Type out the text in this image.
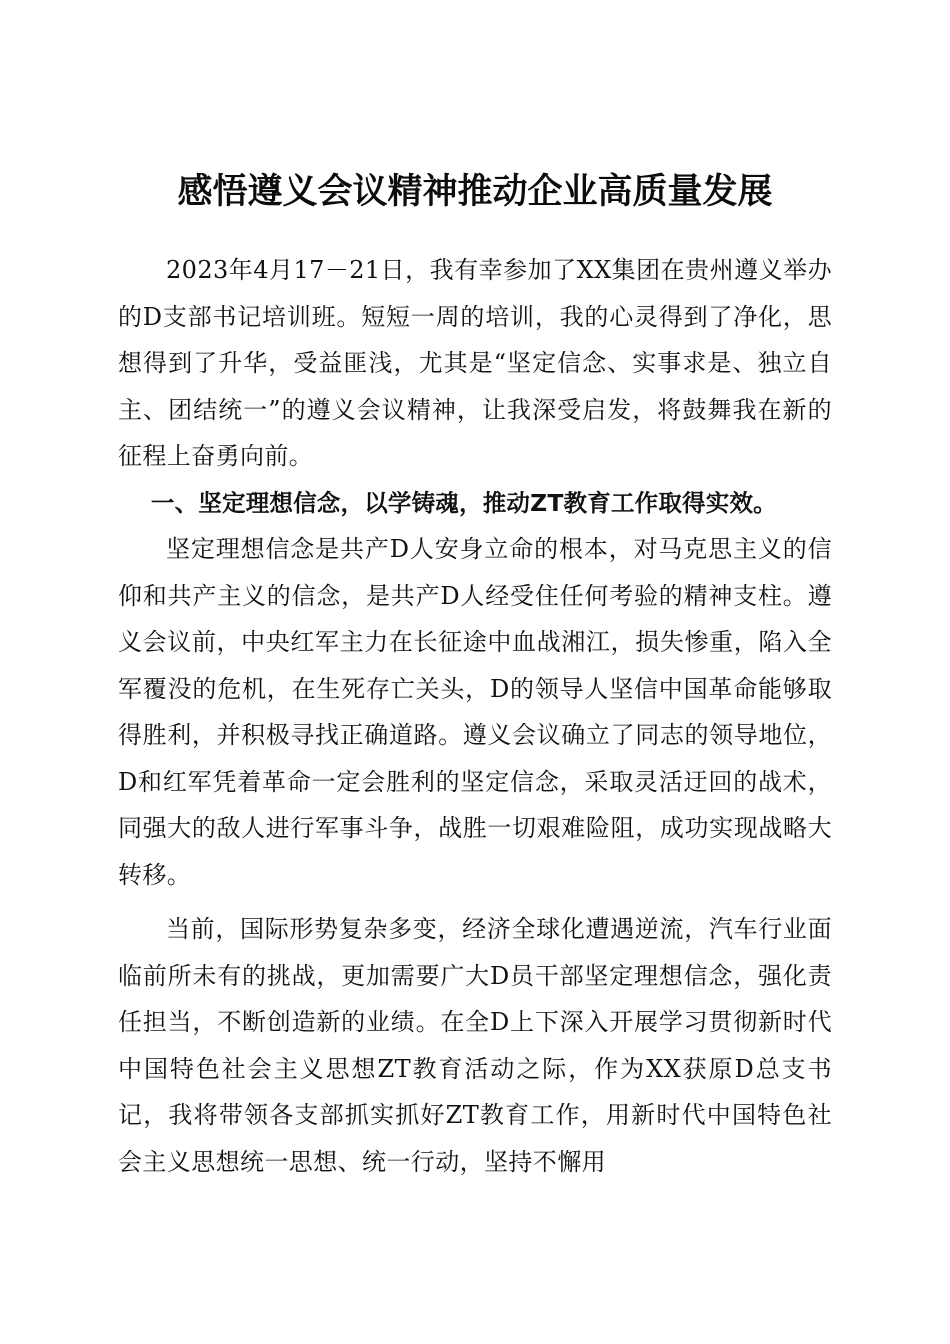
感悟遵义会议精神推动企业高质量发展

2023年4月17－21日，我有幸参加了XX集团在贵州遵义举办的D支部书记培训班。短短一周的培训，我的心灵得到了净化，思想得到了升华，受益匪浅，尤其是“坚定信念、实事求是、独立自主、团结统一”的遵义会议精神，让我深受启发，将鼓舞我在新的征程上奋勇向前。

一、坚定理想信念，以学铸魂，推动ZT教育工作取得实效。

坚定理想信念是共产D人安身立命的根本，对马克思主义的信仰和共产主义的信念，是共产D人经受住任何考验的精神支柱。遵义会议前，中央红军主力在长征途中血战湘江，损失惨重，陷入全军覆没的危机，在生死存亡关头，D的领导人坚信中国革命能够取得胜利，并积极寻找正确道路。遵义会议确立了同志的领导地位，D和红军凭着革命一定会胜利的坚定信念，采取灵活迂回的战术，同强大的敌人进行军事斗争，战胜一切艰难险阻，成功实现战略大转移。

当前，国际形势复杂多变，经济全球化遭遇逆流，汽车行业面临前所未有的挑战，更加需要广大D员干部坚定理想信念，强化责任担当，不断创造新的业绩。在全D上下深入开展学习贯彻新时代中国特色社会主义思想ZT教育活动之际，作为XX获原D总支书记，我将带领各支部抓实抓好ZT教育工作，用新时代中国特色社会主义思想统一思想、统一行动，坚持不懈用
